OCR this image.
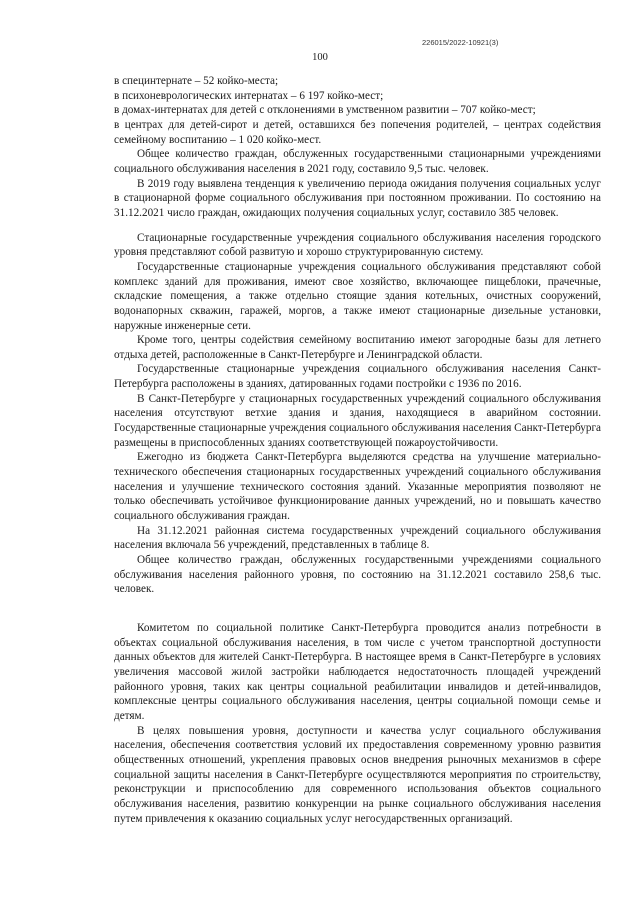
226015/2022-10921(3)
100

в специнтернате – 52 койко-места;

в психоневрологических интернатах – 6 197 койко-мест;

в домах-интернатах для детей с отклонениями в умственном развитии – 707 койко-мест;

в центрах для детей-сирот и детей, оставшихся без попечения родителей, – центрах содействия семейному воспитанию – 1 020 койко-мест.

Общее количество граждан, обслуженных государственными стационарными учреждениями социального обслуживания населения в 2021 году, составило 9,5 тыс. человек.

В 2019 году выявлена тенденция к увеличению периода ожидания получения социальных услуг в стационарной форме социального обслуживания при постоянном проживании. По состоянию на 31.12.2021 число граждан, ожидающих получения социальных услуг, составило 385 человек.

Стационарные государственные учреждения социального обслуживания населения городского уровня представляют собой развитую и хорошо структурированную систему.

Государственные стационарные учреждения социального обслуживания представляют собой комплекс зданий для проживания, имеют свое хозяйство, включающее пищеблоки, прачечные, складские помещения, а также отдельно стоящие здания котельных, очистных сооружений, водонапорных скважин, гаражей, моргов, а также имеют стационарные дизельные установки, наружные инженерные сети.

Кроме того, центры содействия семейному воспитанию имеют загородные базы для летнего отдыха детей, расположенные в Санкт-Петербурге и Ленинградской области.

Государственные стационарные учреждения социального обслуживания населения Санкт-Петербурга расположены в зданиях, датированных годами постройки с 1936 по 2016.

В Санкт-Петербурге у стационарных государственных учреждений социального обслуживания населения отсутствуют ветхие здания и здания, находящиеся в аварийном состоянии. Государственные стационарные учреждения социального обслуживания населения Санкт-Петербурга размещены в приспособленных зданиях соответствующей пожароустойчивости.

Ежегодно из бюджета Санкт-Петербурга выделяются средства на улучшение материально-технического обеспечения стационарных государственных учреждений социального обслуживания населения и улучшение технического состояния зданий. Указанные мероприятия позволяют не только обеспечивать устойчивое функционирование данных учреждений, но и повышать качество социального обслуживания граждан.

На 31.12.2021 районная система государственных учреждений социального обслуживания населения включала 56 учреждений, представленных в таблице 8.

Общее количество граждан, обслуженных государственными учреждениями социального обслуживания населения районного уровня, по состоянию на 31.12.2021 составило 258,6 тыс. человек.

Комитетом по социальной политике Санкт-Петербурга проводится анализ потребности в объектах социальной обслуживания населения, в том числе с учетом транспортной доступности данных объектов для жителей Санкт-Петербурга. В настоящее время в Санкт-Петербурге в условиях увеличения массовой жилой застройки наблюдается недостаточность площадей учреждений районного уровня, таких как центры социальной реабилитации инвалидов и детей-инвалидов, комплексные центры социального обслуживания населения, центры социальной помощи семье и детям.

В целях повышения уровня, доступности и качества услуг социального обслуживания населения, обеспечения соответствия условий их предоставления современному уровню развития общественных отношений, укрепления правовых основ внедрения рыночных механизмов в сфере социальной защиты населения в Санкт-Петербурге осуществляются мероприятия по строительству, реконструкции и приспособлению для современного использования объектов социального обслуживания населения, развитию конкуренции на рынке социального обслуживания населения путем привлечения к оказанию социальных услуг негосударственных организаций.
